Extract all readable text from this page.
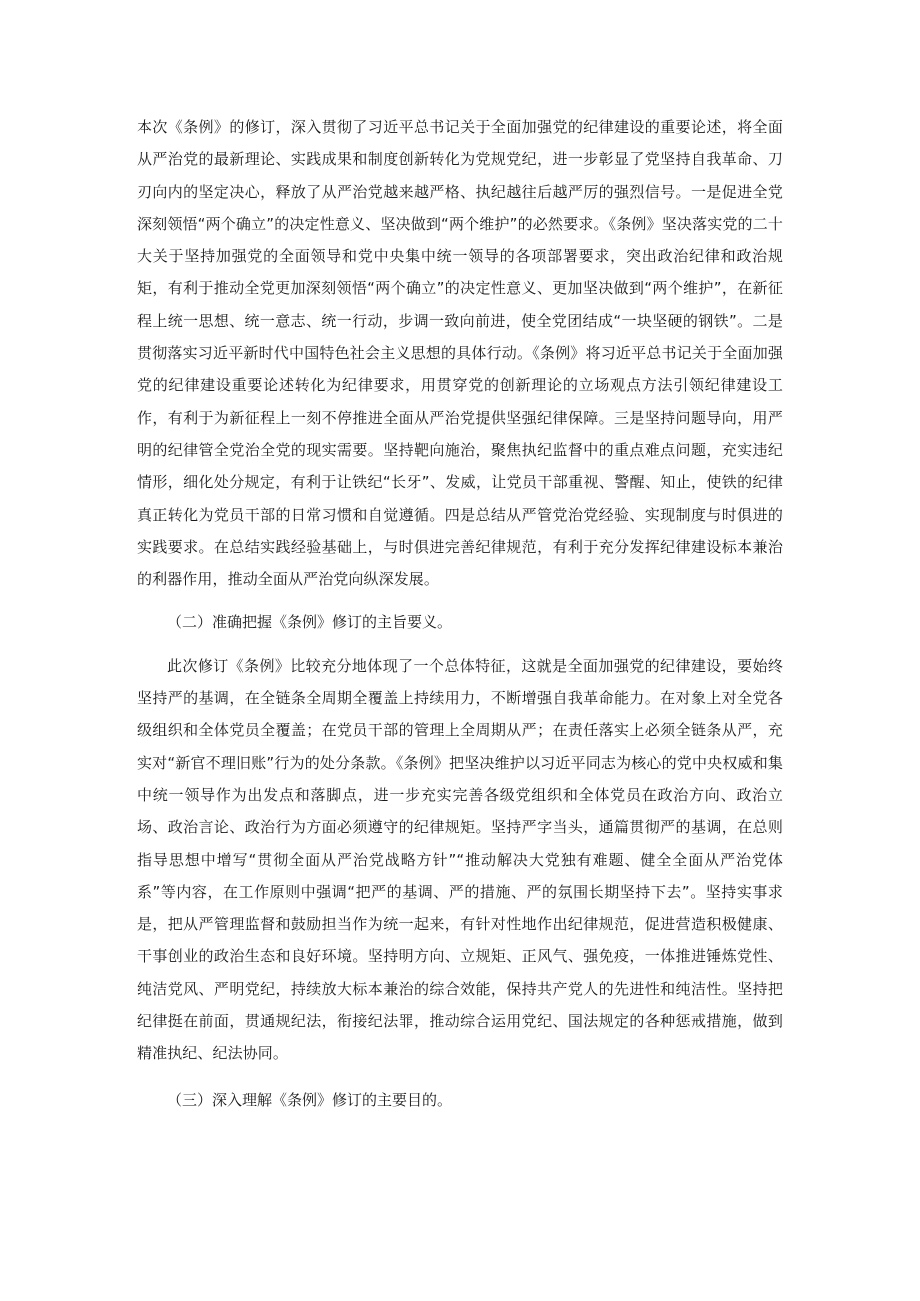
本次《条例》的修订，深入贯彻了习近平总书记关于全面加强党的纪律建设的重要论述，将全面从严治党的最新理论、实践成果和制度创新转化为党规党纪，进一步彰显了党坚持自我革命、刀刃向内的坚定决心，释放了从严治党越来越严格、执纪越往后越严厉的强烈信号。一是促进全党深刻领悟“两个确立”的决定性意义、坚决做到“两个维护”的必然要求。《条例》坚决落实党的二十大关于坚持加强党的全面领导和党中央集中统一领导的各项部署要求，突出政治纪律和政治规矩，有利于推动全党更加深刻领悟“两个确立”的决定性意义、更加坚决做到“两个维护”，在新征程上统一思想、统一意志、统一行动，步调一致向前进，使全党团结成“一块坚硬的钢铁”。二是贯彻落实习近平新时代中国特色社会主义思想的具体行动。《条例》将习近平总书记关于全面加强党的纪律建设重要论述转化为纪律要求，用贯穿党的创新理论的立场观点方法引领纪律建设工作，有利于为新征程上一刻不停推进全面从严治党提供坚强纪律保障。三是坚持问题导向，用严明的纪律管全党治全党的现实需要。坚持靶向施治，聚焦执纪监督中的重点难点问题，充实违纪情形，细化处分规定，有利于让铁纪“长牙”、发威，让党员干部重视、警醒、知止，使铁的纪律真正转化为党员干部的日常习惯和自觉遵循。四是总结从严管党治党经验、实现制度与时俱进的实践要求。在总结实践经验基础上，与时俱进完善纪律规范，有利于充分发挥纪律建设标本兼治的利器作用，推动全面从严治党向纵深发展。

（二）准确把握《条例》修订的主旨要义。

此次修订《条例》比较充分地体现了一个总体特征，这就是全面加强党的纪律建设，要始终坚持严的基调，在全链条全周期全覆盖上持续用力，不断增强自我革命能力。在对象上对全党各级组织和全体党员全覆盖；在党员干部的管理上全周期从严；在责任落实上必须全链条从严，充实对“新官不理旧账”行为的处分条款。《条例》把坚决维护以习近平同志为核心的党中央权威和集中统一领导作为出发点和落脚点，进一步充实完善各级党组织和全体党员在政治方向、政治立场、政治言论、政治行为方面必须遵守的纪律规矩。坚持严字当头，通篇贯彻严的基调，在总则指导思想中增写“贯彻全面从严治党战略方针”“推动解决大党独有难题、健全全面从严治党体系”等内容，在工作原则中强调“把严的基调、严的措施、严的氛围长期坚持下去”。坚持实事求是，把从严管理监督和鼓励担当作为统一起来，有针对性地作出纪律规范，促进营造积极健康、干事创业的政治生态和良好环境。坚持明方向、立规矩、正风气、强免疫，一体推进锤炼党性、纯洁党风、严明党纪，持续放大标本兼治的综合效能，保持共产党人的先进性和纯洁性。坚持把纪律挺在前面，贯通规纪法，衔接纪法罪，推动综合运用党纪、国法规定的各种惩戒措施，做到精准执纪、纪法协同。

（三）深入理解《条例》修订的主要目的。
